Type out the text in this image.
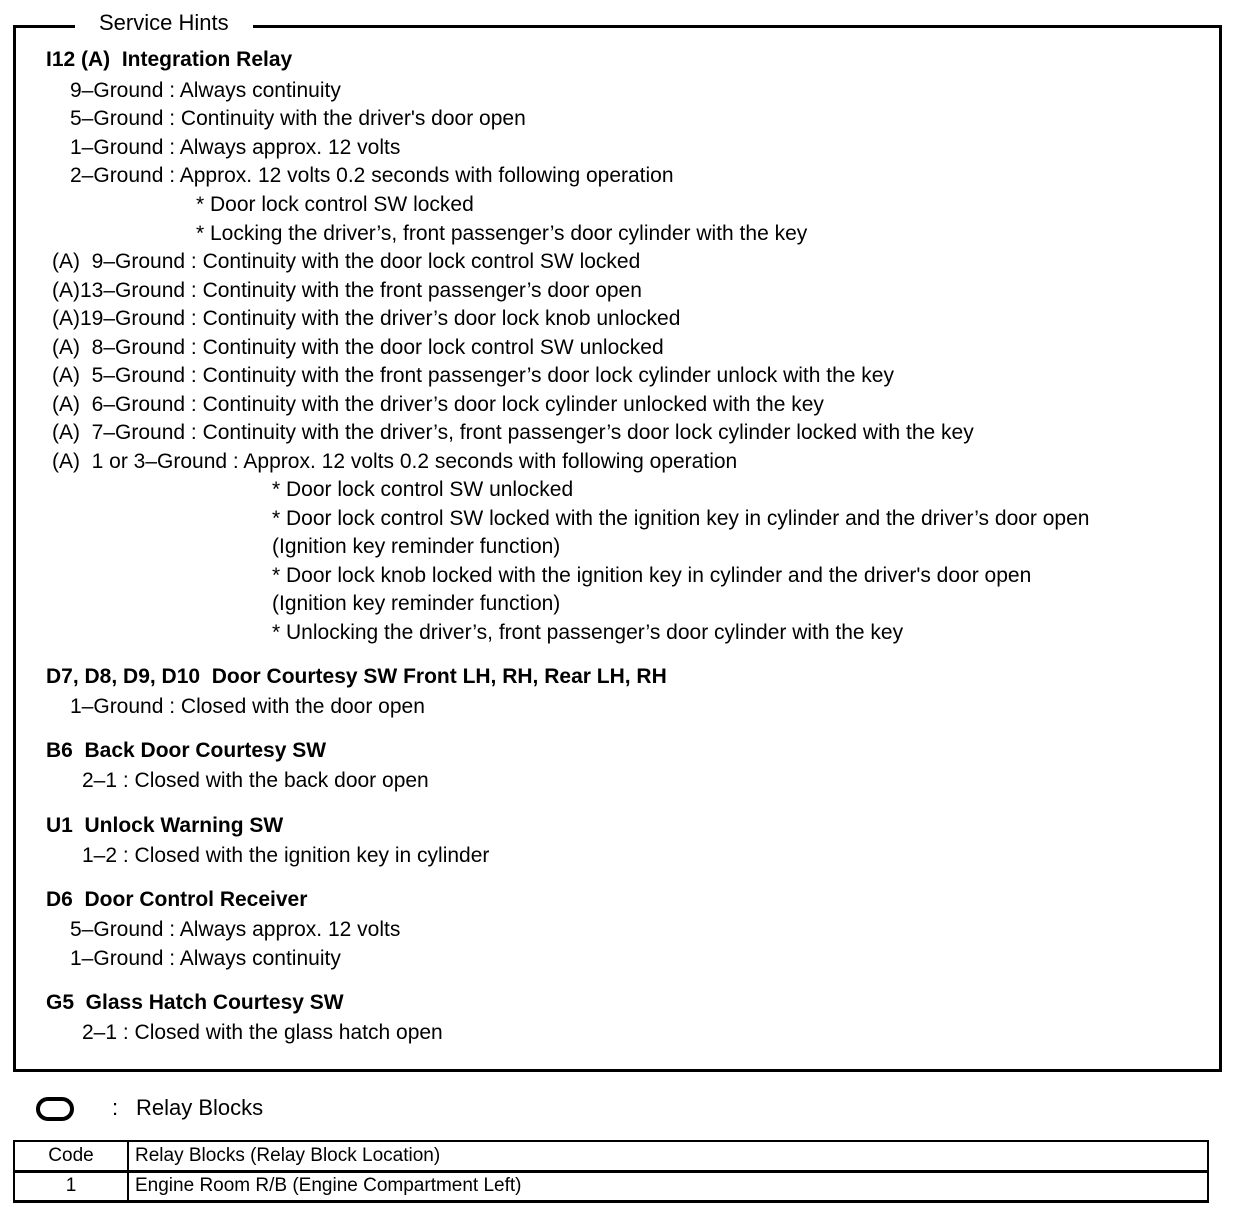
Service Hints
I12 (A)  Integration Relay
9–Ground : Always continuity
5–Ground : Continuity with the driver's door open
1–Ground : Always approx. 12 volts
2–Ground : Approx. 12 volts 0.2 seconds with following operation
* Door lock control SW locked
* Locking the driver’s, front passenger’s door cylinder with the key
(A)  9–Ground : Continuity with the door lock control SW locked
(A)13–Ground : Continuity with the front passenger’s door open
(A)19–Ground : Continuity with the driver’s door lock knob unlocked
(A)  8–Ground : Continuity with the door lock control SW unlocked
(A)  5–Ground : Continuity with the front passenger’s door lock cylinder unlock with the key
(A)  6–Ground : Continuity with the driver’s door lock cylinder unlocked with the key
(A)  7–Ground : Continuity with the driver’s, front passenger’s door lock cylinder locked with the key
(A)  1 or 3–Ground : Approx. 12 volts 0.2 seconds with following operation
* Door lock control SW unlocked
* Door lock control SW locked with the ignition key in cylinder and the driver’s door open
(Ignition key reminder function)
* Door lock knob locked with the ignition key in cylinder and the driver's door open
(Ignition key reminder function)
* Unlocking the driver’s, front passenger’s door cylinder with the key
D7, D8, D9, D10  Door Courtesy SW Front LH, RH, Rear LH, RH
1–Ground : Closed with the door open
B6  Back Door Courtesy SW
2–1 : Closed with the back door open
U1  Unlock Warning SW
1–2 : Closed with the ignition key in cylinder
D6  Door Control Receiver
5–Ground : Always approx. 12 volts
1–Ground : Always continuity
G5  Glass Hatch Courtesy SW
2–1 : Closed with the glass hatch open
: Relay Blocks
Code	Relay Blocks (Relay Block Location)
1	Engine Room R/B (Engine Compartment Left)
